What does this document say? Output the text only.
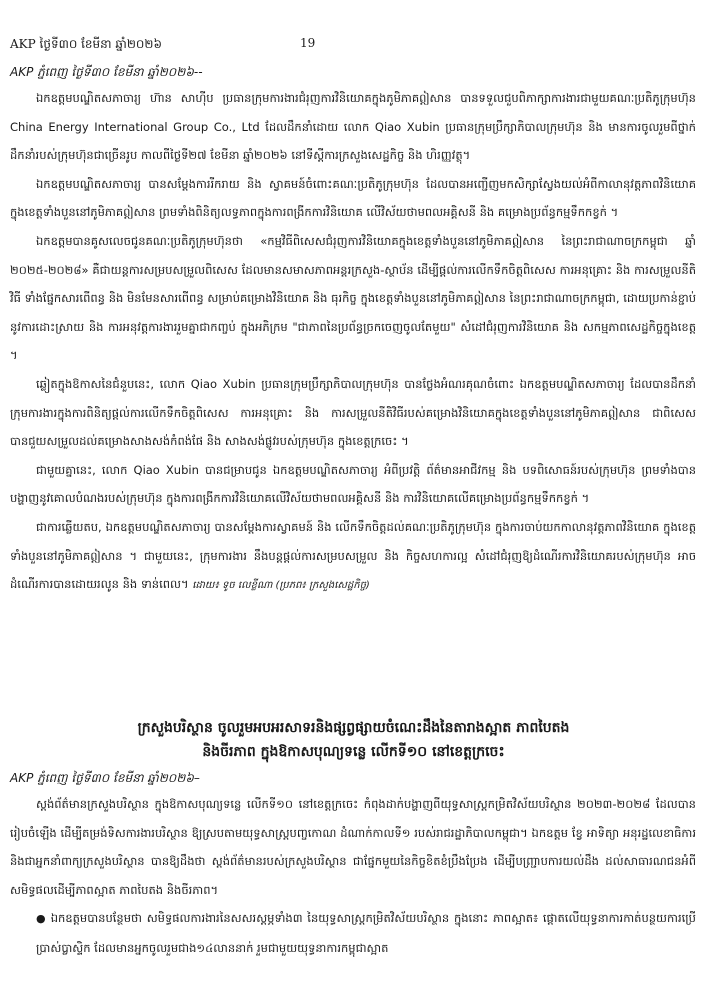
AKP ថ្ងៃទី៣០ ខែមីនា ឆ្នាំ២០២៦	19
AKP ភ្នំពេញ ថ្ងៃទី៣០ ខែមីនា ឆ្នាំ២០២៦--

ឯកឧត្តមបណ្ឌិតសភាចារ្យ ហ៊ាន សាហ៊ីប ប្រធានក្រុមការងារជំរុញការវិនិយោគក្នុងភូមិភាគឦសាន បានទទួលជួបពិភាក្សាការងារជាមួយគណៈប្រតិភូក្រុមហ៊ុន China Energy International Group Co., Ltd ដែលដឹកនាំដោយ លោក Qiao Xubin ប្រធានក្រុមប្រឹក្សាភិបាលក្រុមហ៊ុន និង មានការចូលរួមពីថ្នាក់ដឹកនាំរបស់ក្រុមហ៊ុនជាច្រើនរូប កាលពីថ្ងៃទី២៧ ខែមីនា ឆ្នាំ២០២៦ នៅទីស្តីការក្រសួងសេដ្ឋកិច្ច និង ហិរញ្ញវត្ថុ។

ឯកឧត្តមបណ្ឌិតសភាចារ្យ បានសម្តែងការរីករាយ និង ស្វាគមន៍ចំពោះគណៈប្រតិភូក្រុមហ៊ុន ដែលបានអញ្ជើញមកសិក្សាស្វែងយល់អំពីកាលានុវត្តភាពវិនិយោគ ក្នុងខេត្តទាំងបួននៅភូមិភាគឦសាន ព្រមទាំងពិនិត្យលទ្ធភាពក្នុងការពង្រីកការវិនិយោគ លើវិស័យថាមពលអគ្គិសនី និង គម្រោងប្រព័ន្ធកម្មទឹកកខ្វក់ ។

ឯកឧត្តមបានគូសលេចជូនគណៈប្រតិភូក្រុមហ៊ុនថា «កម្មវិធីពិសេសជំរុញការវិនិយោគក្នុងខេត្តទាំងបួននៅភូមិភាគឦសាន នៃព្រះរាជាណាចក្រកម្ពុជា ឆ្នាំ ២០២៥-២០២៨» គឺជាយន្តការសម្របសម្រួលពិសេស ដែលមានសមាសភាពអន្តរក្រសួង-ស្ថាប័ន ដើម្បីផ្តល់ការលើកទឹកចិត្តពិសេស ការអនុគ្រោះ និង ការសម្រួលនីតិវិធី ទាំងផ្នែកសារពើពន្ធ និង មិនមែនសារពើពន្ធ សម្រាប់គម្រោងវិនិយោគ និង ធុរកិច្ច ក្នុងខេត្តទាំងបួននៅភូមិភាគឦសាន នៃព្រះរាជាណាចក្រកម្ពុជា, ដោយប្រកាន់ខ្ជាប់នូវការដោះស្រាយ និង ការអនុវត្តការងាររួមគ្នាជាកញ្ចប់ ក្នុងអភិក្រម "ជាភាពនៃប្រព័ន្ធច្រកចេញចូលតែមួយ" សំដៅជំរុញការវិនិយោគ និង សកម្មភាពសេដ្ឋកិច្ចក្នុងខេត្ត ។

ឆ្លៀតក្នុងឱកាសនៃជំនួបនេះ, លោក Qiao Xubin ប្រធានក្រុមប្រឹក្សាភិបាលក្រុមហ៊ុន បានថ្លែងអំណរគុណចំពោះ ឯកឧត្តមបណ្ឌិតសភាចារ្យ ដែលបានដឹកនាំក្រុមការងារក្នុងការពិនិត្យផ្តល់ការលើកទឹកចិត្តពិសេស ការអនុគ្រោះ និង ការសម្រួលនីតិវិធីរបស់គម្រោងវិនិយោគក្នុងខេត្តទាំងបួននៅភូមិភាគឦសាន ជាពិសេស បានជួយសម្រួលដល់គម្រោងសាងសង់កំពង់ផែ និង សាងសង់ផ្លូវរបស់ក្រុមហ៊ុន ក្នុងខេត្តក្រចេះ ។

ជាមួយគ្នានេះ, លោក Qiao Xubin បានជម្រាបជូន ឯកឧត្តមបណ្ឌិតសភាចារ្យ អំពីប្រវត្តិ ព័ត៌មានអាជីវកម្ម និង បទពិសោធន៍របស់ក្រុមហ៊ុន ព្រមទាំងបានបង្ហាញនូវគោលបំណងរបស់ក្រុមហ៊ុន ក្នុងការពង្រីកការវិនិយោគលើវិស័យថាមពលអគ្គិសនី និង ការវិនិយោគលើគម្រោងប្រព័ន្ធកម្មទឹកកខ្វក់ ។

ជាការឆ្លើយតប, ឯកឧត្តមបណ្ឌិតសភាចារ្យ បានសម្តែងការស្វាគមន៍ និង លើកទឹកចិត្តដល់គណៈប្រតិភូក្រុមហ៊ុន ក្នុងការចាប់យកកាលានុវត្តភាពវិនិយោគ ក្នុងខេត្តទាំងបួននៅភូមិភាគឦសាន ។ ជាមួយនេះ, ក្រុមការងារ នឹងបន្តផ្តល់ការសម្របសម្រួល និង កិច្ចសហការល្អ សំដៅជំរុញឱ្យដំណើរការវិនិយោគរបស់ក្រុមហ៊ុន អាចដំណើរការបានដោយរលូន និង ទាន់ពេល។ ដោយ៖ ទូច លេខ្លីណា (ប្រភព៖ ក្រសួងសេដ្ឋកិច្ច)

ក្រសួងបរិស្ថាន ចូលរួមអបអរសាទរនិងផ្សព្វផ្សាយចំណេះដឹងនៃតារាងស្អាត ភាពបៃតង
និងចីរភាព ក្នុងឱកាសបុណ្យទន្លេ លើកទី១០ នៅខេត្តក្រចេះ
AKP ភ្នំពេញ ថ្ងៃទី៣០ ខែមីនា ឆ្នាំ២០២៦–

ស្តង់ព័ត៌មានក្រសួងបរិស្ថាន ក្នុងឱកាសបុណ្យទន្លេ លើកទី១០ នៅខេត្តក្រចេះ កំពុងដាក់បង្ហាញពីយុទ្ធសាស្ត្រកម្រិតវិស័យបរិស្ថាន ២០២៣-២០២៨ ដែលបានរៀបចំឡើង ដើម្បីតម្រង់ទិសការងារបរិស្ថាន ឱ្យស្របតាមយុទ្ធសាស្ត្របញ្ចកោណ ដំណាក់កាលទី១ របស់រាជរដ្ឋាភិបាលកម្ពុជា។ ឯកឧត្តម ខ្វែ អាទិត្យា អនុរដ្ឋលេខាធិការ និងជាអ្នកនាំពាក្យក្រសួងបរិស្ថាន បានឱ្យដឹងថា ស្តង់ព័ត៌មានរបស់ក្រសួងបរិស្ថាន ជាផ្នែកមួយនៃកិច្ចខិតខំប្រឹងប្រែង ដើម្បីបញ្ជ្រាបការយល់ដឹង ដល់សាធារណជនអំពីសមិទ្ធផលដើម្បីភាពស្អាត ភាពបៃតង និងចីរភាព។

● ឯកឧត្តមបានបន្ថែមថា សមិទ្ធផលការងារនៃសសរស្តម្ភទាំង៣ នៃយុទ្ធសាស្ត្រកម្រិតវិស័យបរិស្ថាន ក្នុងនោះ ភាពស្អាត៖ ផ្តោតលើយុទ្ធនាការកាត់បន្ថយការប្រើប្រាស់ប្លាស្ទិក ដែលមានអ្នកចូលរួមជាង១៤លាននាក់ រួមជាមួយយុទ្ធនាការកម្ពុជាស្អាត
